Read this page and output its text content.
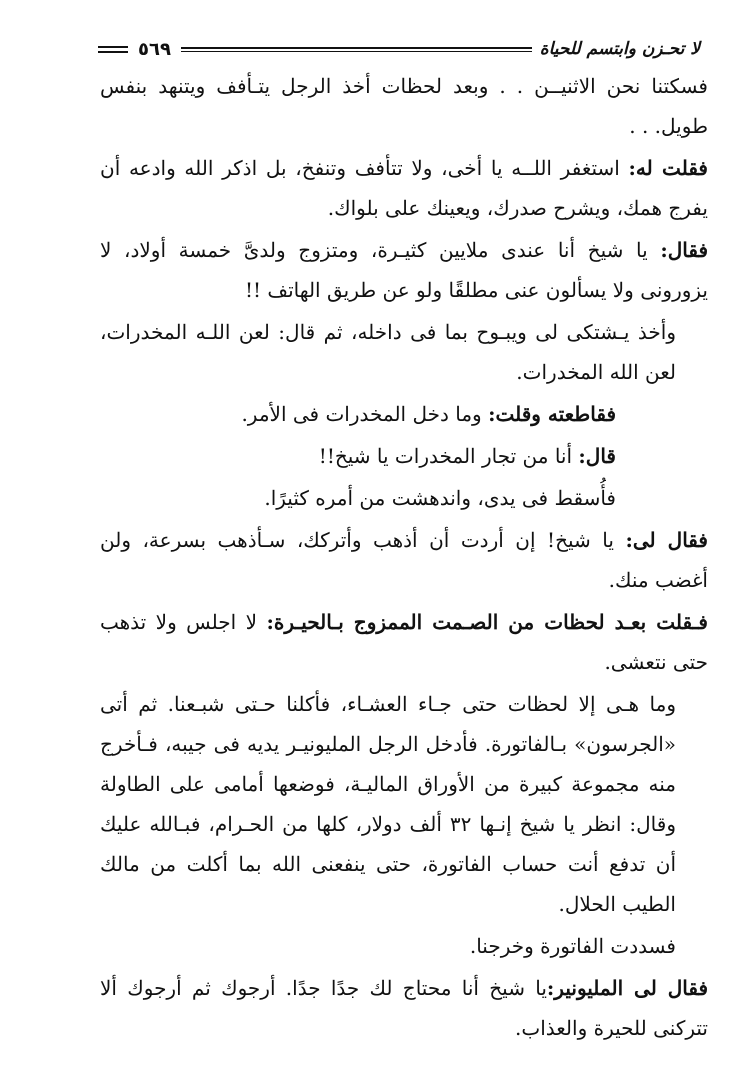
لا تحـزن وابتسم للحياة
٥٦٩

فسكتنا نحن الاثنيــن . . وبعد لحظات أخذ الرجل يتـأفف ويتنهد بنفس طويل. . .

فقلت له: استغفر اللــه يا أخى، ولا تتأفف وتنفخ، بل اذكر الله وادعه أن يفرج همك، ويشرح صدرك، ويعينك على بلواك.

فقال: يا شيخ أنا عندى ملايين كثيـرة، ومتزوج ولدىَّ خمسة أولاد، لا يزورونى ولا يسألون عنى مطلقًا ولو عن طريق الهاتف !!

وأخذ يـشتكى لى ويبـوح بما فى داخله، ثم قال: لعن اللـه المخدرات، لعن الله المخدرات.

فقاطعته وقلت: وما دخل المخدرات فى الأمر.

قال: أنا من تجار المخدرات يا شيخ!!

فأُسقط فى يدى، واندهشت من أمره كثيرًا.

فقال لى: يا شيخ! إن أردت أن أذهب وأتركك، سـأذهب بسرعة، ولن أغضب منك.

فـقلت بعـد لحظات من الصـمت الممزوج بـالحيـرة: لا اجلس ولا تذهب حتى نتعشى.

وما هـى إلا لحظات حتى جـاء العشـاء، فأكلنا حـتى شبـعنا. ثم أتى «الجرسون» بـالفاتورة. فأدخل الرجل المليونيـر يديه فى جيبه، فـأخرج منه مجموعة كبيرة من الأوراق الماليـة، فوضعها أمامى على الطاولة وقال: انظر يا شيخ إنـها ٣٢ ألف دولار، كلها من الحـرام، فبـالله عليك أن تدفع أنت حساب الفاتورة، حتى ينفعنى الله بما أكلت من مالك الطيب الحلال.

فسددت الفاتورة وخرجنا.

فقال لى المليونير:يا شيخ أنا محتاج لك جدًا جدًا. أرجوك ثم أرجوك ألا تتركنى للحيرة والعذاب.
